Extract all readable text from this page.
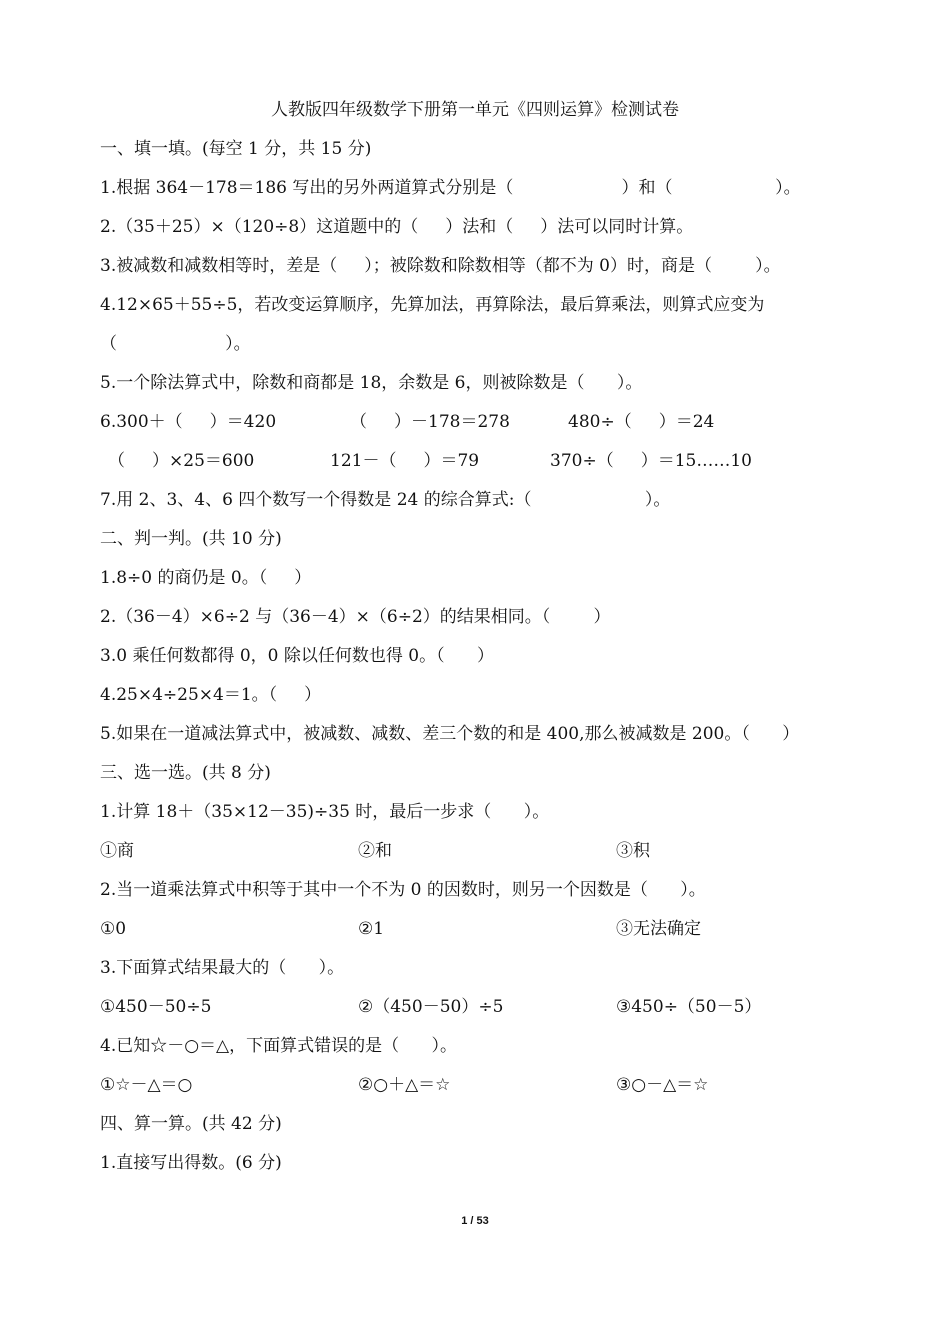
人教版四年级数学下册第一单元《四则运算》检测试卷
一、填一填。(每空 1 分，共 15 分)
1.根据 364－178＝186 写出的另外两道算式分别是（                    ）和（                   ）。
2.（35＋25）×（120÷8）这道题中的（     ）法和（     ）法可以同时计算。
3.被减数和减数相等时，差是（     ）；被除数和除数相等（都不为 0）时，商是（        ）。
4.12×65＋55÷5，若改变运算顺序，先算加法，再算除法，最后算乘法，则算式应变为
（                    ）。
5.一个除法算式中，除数和商都是 18，余数是 6，则被除数是（      ）。
6.300＋（     ）＝420	（     ）－178＝278	480÷（     ）＝24
（     ）×25＝600	121－（     ）＝79	370÷（     ）＝15……10
7.用 2、3、4、6 四个数写一个得数是 24 的综合算式:（                     ）。
二、判一判。(共 10 分)
1.8÷0 的商仍是 0。（     ）
2.（36－4）×6÷2 与（36－4）×（6÷2）的结果相同。（        ）
3.0 乘任何数都得 0，0 除以任何数也得 0。（      ）
4.25×4÷25×4＝1。（     ）
5.如果在一道减法算式中，被减数、减数、差三个数的和是 400,那么被减数是 200。（      ）
三、选一选。(共 8 分)
1.计算 18＋（35×12－35)÷35 时，最后一步求（      ）。
①商	②和	③积
2.当一道乘法算式中积等于其中一个不为 0 的因数时，则另一个因数是（      ）。
①0	②1	③无法确定
3.下面算式结果最大的（      ）。
①450－50÷5	②（450－50）÷5	③450÷（50－5）
4.已知☆－○＝△，下面算式错误的是（      ）。
①☆－△＝○	②○＋△＝☆	③○－△＝☆
四、算一算。(共 42 分)
1.直接写出得数。(6 分)
1 / 53
